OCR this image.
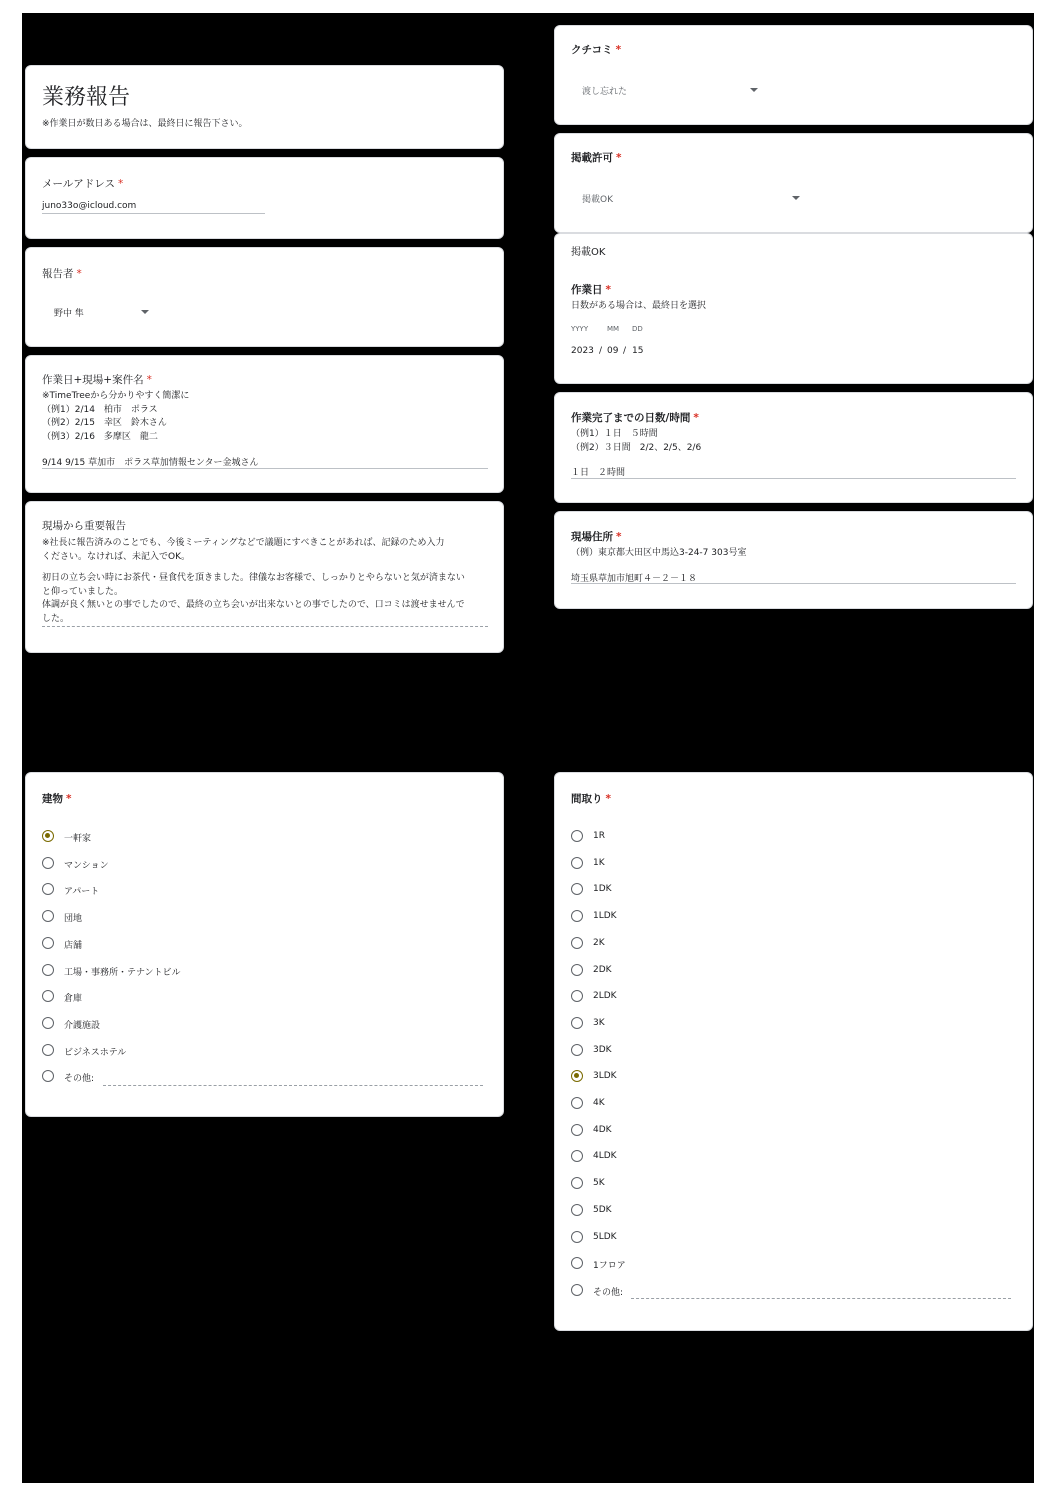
業務報告
※作業日が数日ある場合は、最終日に報告下さい。
メールアドレス *
juno33o@icloud.com
報告者 *
野中 隼
作業日+現場+案件名 *
※TimeTreeから分かりやすく簡潔に
（例1）2/14　柏市　ポラス
（例2）2/15　幸区　鈴木さん
（例3）2/16　多摩区　龍二
9/14 9/15 草加市　ポラス草加情報センター金城さん
現場から重要報告
※社長に報告済みのことでも、今後ミーティングなどで議題にすべきことがあれば、記録のため入力
ください。なければ、未記入でOK。
初日の立ち会い時にお茶代・昼食代を頂きました。律儀なお客様で、しっかりとやらないと気が済まない
と仰っていました。
体調が良く無いとの事でしたので、最終の立ち会いが出来ないとの事でしたので、口コミは渡せませんで
した。
建物 *
一軒家
マンション
アパート
団地
店舗
工場・事務所・テナントビル
倉庫
介護施設
ビジネスホテル
その他:
クチコミ *
渡し忘れた
掲載許可 *
掲載OK
掲載OK
作業日 *
日数がある場合は、最終日を選択
YYYY	MM DD
2023 / 09 / 15
作業完了までの日数/時間 *
（例1）１日　５時間
（例2）３日間　2/2、2/5、2/6
１日　２時間
現場住所 *
（例）東京都大田区中馬込3-24-7 303号室
埼玉県草加市旭町４－２－１８
間取り *
1R
1K
1DK
1LDK
2K
2DK
2LDK
3K
3DK
3LDK
4K
4DK
4LDK
5K
5DK
5LDK
1フロア
その他:
